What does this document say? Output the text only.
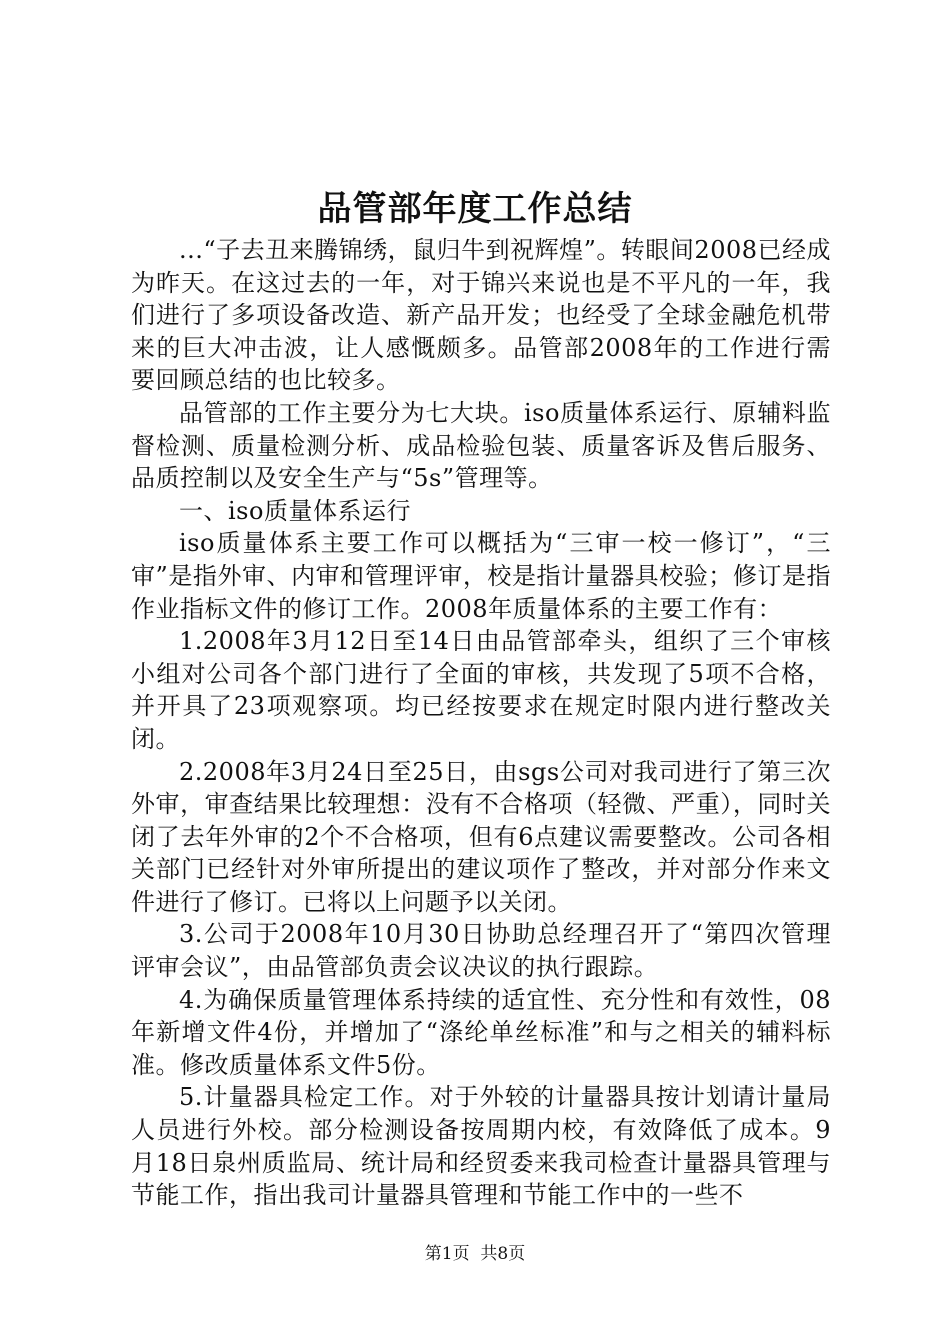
品管部年度工作总结

...“子去丑来腾锦绣，鼠归牛到祝辉煌”。转眼间2008已经成为昨天。在这过去的一年，对于锦兴来说也是不平凡的一年，我们进行了多项设备改造、新产品开发；也经受了全球金融危机带来的巨大冲击波，让人感慨颇多。品管部2008年的工作进行需要回顾总结的也比较多。

品管部的工作主要分为七大块。iso质量体系运行、原辅料监督检测、质量检测分析、成品检验包装、质量客诉及售后服务、品质控制以及安全生产与“5s”管理等。

一、iso质量体系运行

iso质量体系主要工作可以概括为“三审一校一修订”，“三审”是指外审、内审和管理评审，校是指计量器具校验；修订是指作业指标文件的修订工作。2008年质量体系的主要工作有：

1.2008年3月12日至14日由品管部牵头，组织了三个审核小组对公司各个部门进行了全面的审核，共发现了5项不合格，并开具了23项观察项。均已经按要求在规定时限内进行整改关闭。

2.2008年3月24日至25日，由sgs公司对我司进行了第三次外审，审查结果比较理想：没有不合格项（轻微、严重），同时关闭了去年外审的2个不合格项，但有6点建议需要整改。公司各相关部门已经针对外审所提出的建议项作了整改，并对部分作来文件进行了修订。已将以上问题予以关闭。

3.公司于2008年10月30日协助总经理召开了“第四次管理评审会议”，由品管部负责会议决议的执行跟踪。

4.为确保质量管理体系持续的适宜性、充分性和有效性，08年新增文件4份，并增加了“涤纶单丝标准”和与之相关的辅料标准。修改质量体系文件5份。

5.计量器具检定工作。对于外较的计量器具按计划请计量局人员进行外校。部分检测设备按周期内校，有效降低了成本。9月18日泉州质监局、统计局和经贸委来我司检查计量器具管理与节能工作，指出我司计量器具管理和节能工作中的一些不

第1页  共8页
